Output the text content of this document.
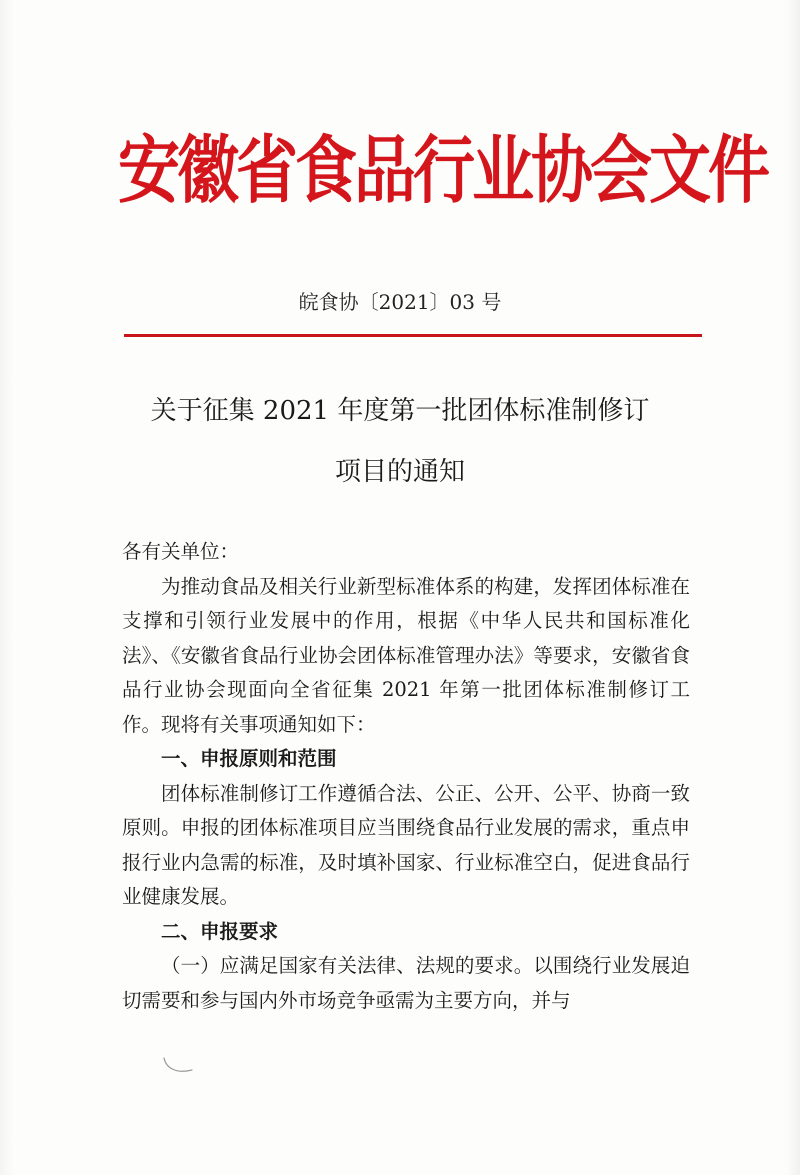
安徽省食品行业协会文件
皖食协〔2021〕03 号
关于征集 2021 年度第一批团体标准制修订
项目的通知

各有关单位：

为推动食品及相关行业新型标准体系的构建，发挥团体标准在支撑和引领行业发展中的作用，根据《中华人民共和国标准化法》、《安徽省食品行业协会团体标准管理办法》等要求，安徽省食品行业协会现面向全省征集 2021 年第一批团体标准制修订工作。现将有关事项通知如下：

一、申报原则和范围

团体标准制修订工作遵循合法、公正、公开、公平、协商一致原则。申报的团体标准项目应当围绕食品行业发展的需求，重点申报行业内急需的标准，及时填补国家、行业标准空白，促进食品行业健康发展。

二、申报要求

（一）应满足国家有关法律、法规的要求。以围绕行业发展迫切需要和参与国内外市场竞争亟需为主要方向，并与
